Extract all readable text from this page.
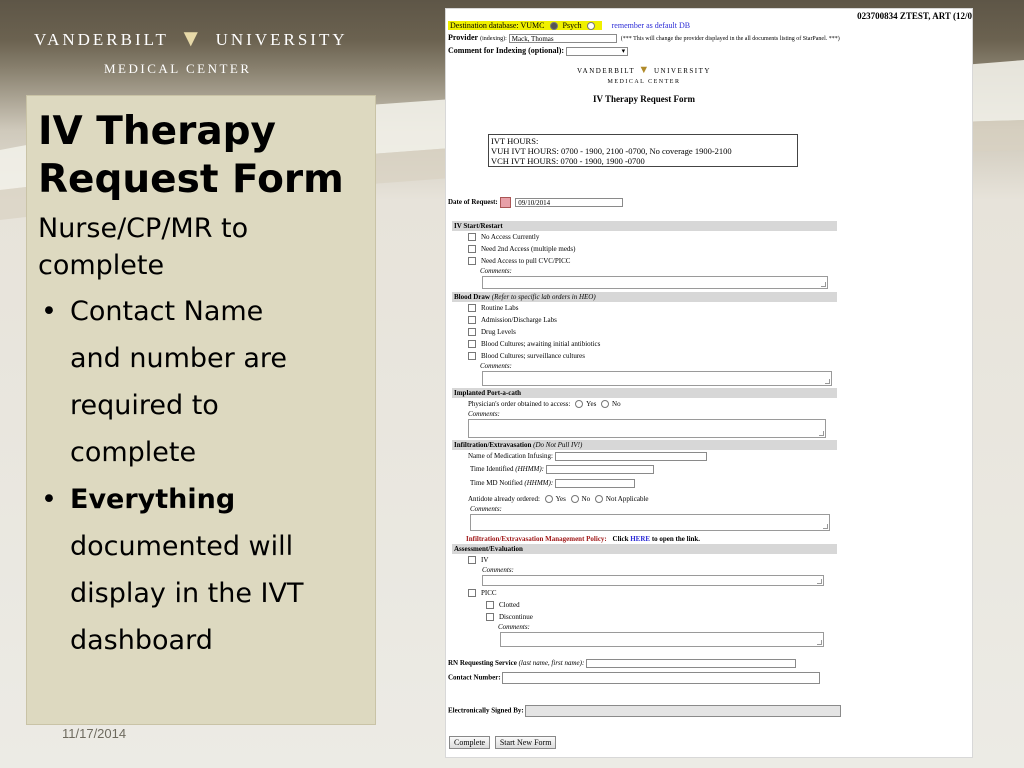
VANDERBILT ▼ UNIVERSITY
MEDICAL CENTER
IV Therapy
Request Form
Nurse/CP/MR to
complete
• Contact Name
and number are
required to
complete
• Everything
documented will
display in the IVT
dashboard
11/17/2014
023700834 ZTEST, ART (12/0
Destination database: VUMC Psych	remember as default DB
Provider (indexing): Mack, Thomas	(*** This will change the provider displayed in the all documents listing of StarPanel. ***)
Comment for Indexing (optional):	▾
VANDERBILT ▼ UNIVERSITY
MEDICAL CENTER
IV Therapy Request Form
IVT HOURS:
VUH IVT HOURS: 0700 - 1900, 2100 -0700, No coverage 1900-2100
VCH IVT HOURS: 0700 - 1900, 1900 -0700
Date of Request:	09/10/2014
IV Start/Restart
No Access Currently
Need 2nd Access (multiple meds)
Need Access to pull CVC/PICC
Comments:
Blood Draw (Refer to specific lab orders in HEO)
Routine Labs
Admission/Discharge Labs
Drug Levels
Blood Cultures; awaiting initial antibiotics
Blood Cultures; surveillance cultures
Comments:
Implanted Port-a-cath
Physician's order obtained to access: Yes No
Comments:
Infiltration/Extravasation (Do Not Pull IV!)
Name of Medication Infusing:
Time Identified (HHMM):
Time MD Notified (HHMM):
Antidote already ordered: Yes No Not Applicable
Comments:
Infiltration/Extravasation Management Policy: Click HERE to open the link.
Assessment/Evaluation
IV
Comments:
PICC
Clotted
Discontinue
Comments:
RN Requesting Service (last name, first name):
Contact Number:
Electronically Signed By:
Complete Start New Form
